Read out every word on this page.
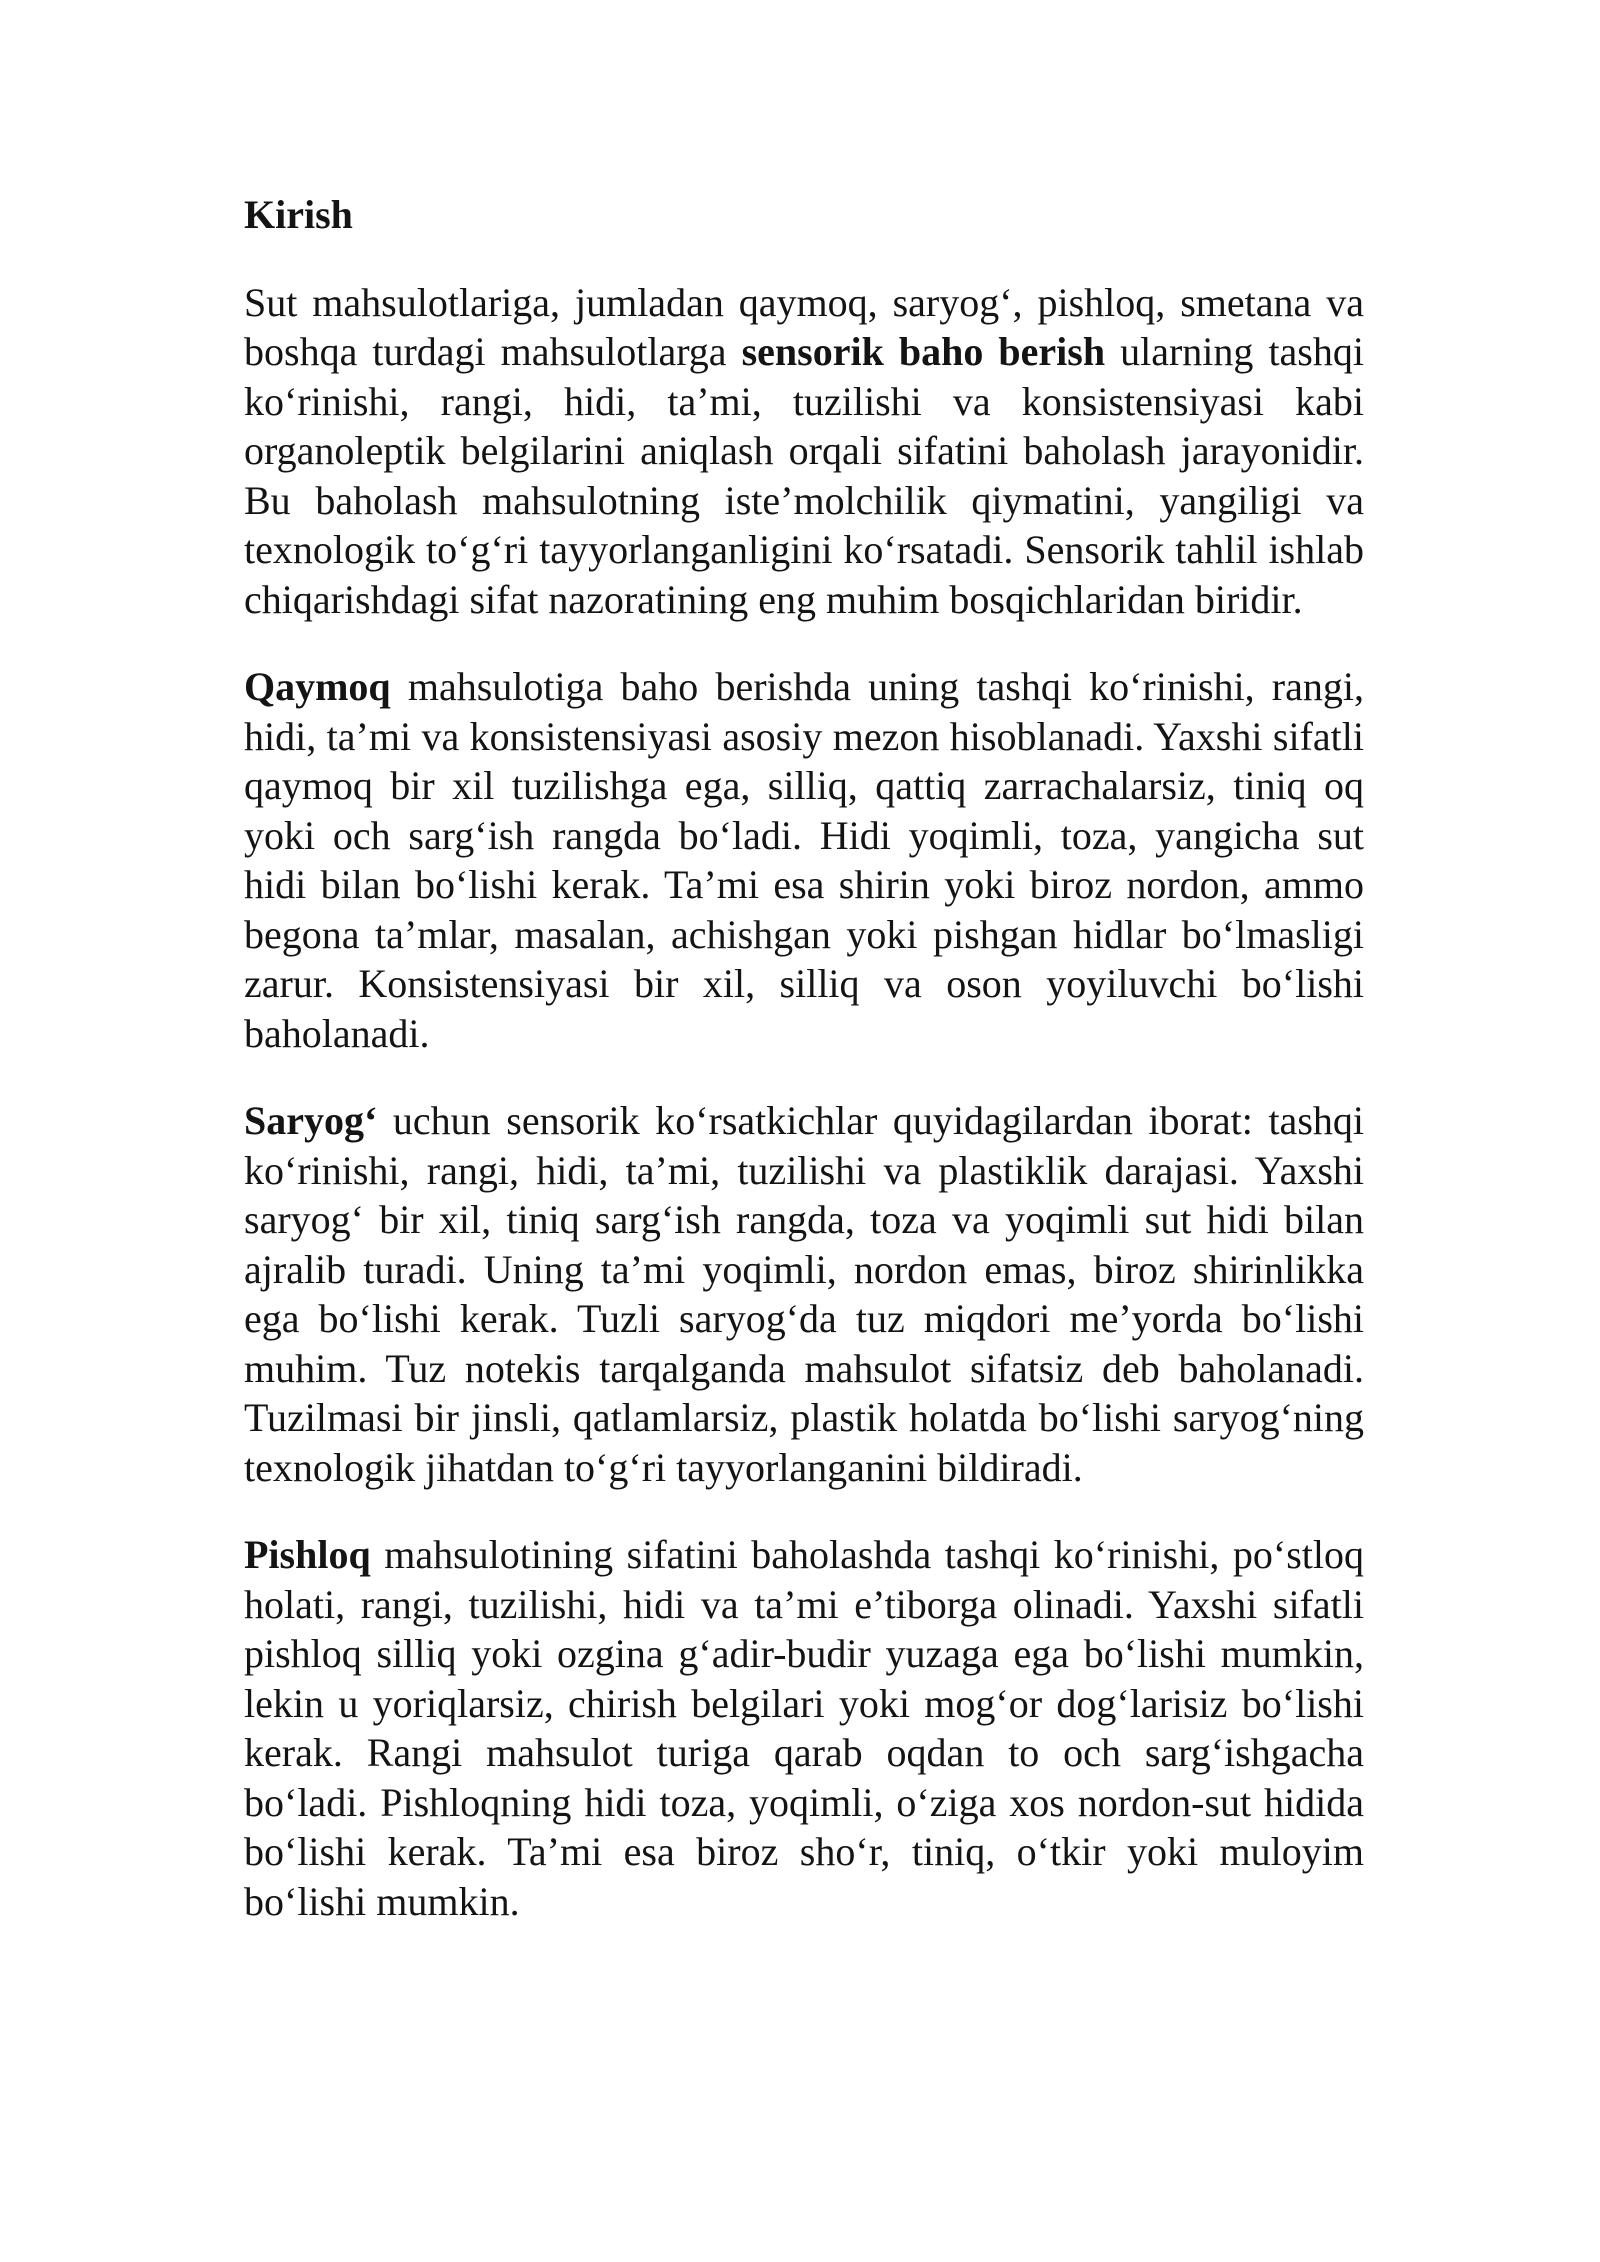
Kirish

Sut mahsulotlariga, jumladan qaymoq, saryog‘, pishloq, smetana va boshqa turdagi mahsulotlarga sensorik baho berish ularning tashqi ko‘rinishi, rangi, hidi, ta’mi, tuzilishi va konsistensiyasi kabi organoleptik belgilarini aniqlash orqali sifatini baholash jarayonidir. Bu baholash mahsulotning iste’molchilik qiymatini, yangiligi va texnologik to‘g‘ri tayyorlanganligini ko‘rsatadi. Sensorik tahlil ishlab chiqarishdagi sifat nazoratining eng muhim bosqichlaridan biridir.

Qaymoq mahsulotiga baho berishda uning tashqi ko‘rinishi, rangi, hidi, ta’mi va konsistensiyasi asosiy mezon hisoblanadi. Yaxshi sifatli qaymoq bir xil tuzilishga ega, silliq, qattiq zarrachalarsiz, tiniq oq yoki och sarg‘ish rangda bo‘ladi. Hidi yoqimli, toza, yangicha sut hidi bilan bo‘lishi kerak. Ta’mi esa shirin yoki biroz nordon, ammo begona ta’mlar, masalan, achishgan yoki pishgan hidlar bo‘lmasligi zarur. Konsistensiyasi bir xil, silliq va oson yoyiluvchi bo‘lishi baholanadi.

Saryog‘ uchun sensorik ko‘rsatkichlar quyidagilardan iborat: tashqi ko‘rinishi, rangi, hidi, ta’mi, tuzilishi va plastiklik darajasi. Yaxshi saryog‘ bir xil, tiniq sarg‘ish rangda, toza va yoqimli sut hidi bilan ajralib turadi. Uning ta’mi yoqimli, nordon emas, biroz shirinlikka ega bo‘lishi kerak. Tuzli saryog‘da tuz miqdori me’yorda bo‘lishi muhim. Tuz notekis tarqalganda mahsulot sifatsiz deb baholanadi. Tuzilmasi bir jinsli, qatlamlarsiz, plastik holatda bo‘lishi saryog‘ning texnologik jihatdan to‘g‘ri tayyorlanganini bildiradi.

Pishloq mahsulotining sifatini baholashda tashqi ko‘rinishi, po‘stloq holati, rangi, tuzilishi, hidi va ta’mi e’tiborga olinadi. Yaxshi sifatli pishloq silliq yoki ozgina g‘adir-budir yuzaga ega bo‘lishi mumkin, lekin u yoriqlarsiz, chirish belgilari yoki mog‘or dog‘larisiz bo‘lishi kerak. Rangi mahsulot turiga qarab oqdan to och sarg‘ishgacha bo‘ladi. Pishloqning hidi toza, yoqimli, o‘ziga xos nordon-sut hidida bo‘lishi kerak. Ta’mi esa biroz sho‘r, tiniq, o‘tkir yoki muloyim bo‘lishi mumkin.
